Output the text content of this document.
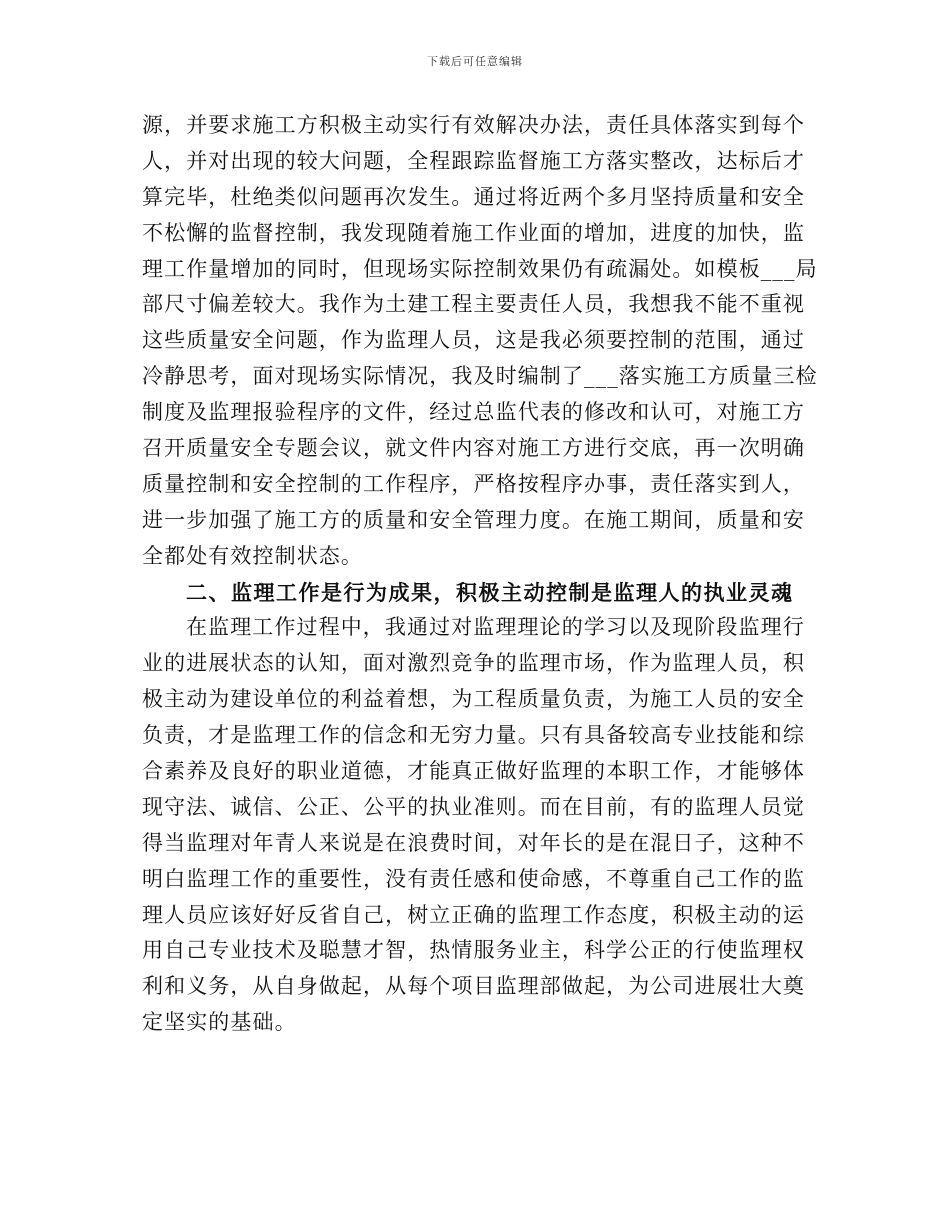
下载后可任意编辑
源，并要求施工方积极主动实行有效解决办法，责任具体落实到每个
人，并对出现的较大问题，全程跟踪监督施工方落实整改，达标后才
算完毕，杜绝类似问题再次发生。通过将近两个多月坚持质量和安全
不松懈的监督控制，我发现随着施工作业面的增加，进度的加快，监
理工作量增加的同时，但现场实际控制效果仍有疏漏处。如模板___局
部尺寸偏差较大。我作为土建工程主要责任人员，我想我不能不重视
这些质量安全问题，作为监理人员，这是我必须要控制的范围，通过
冷静思考，面对现场实际情况，我及时编制了___落实施工方质量三检
制度及监理报验程序的文件，经过总监代表的修改和认可，对施工方
召开质量安全专题会议，就文件内容对施工方进行交底，再一次明确
质量控制和安全控制的工作程序，严格按程序办事，责任落实到人，
进一步加强了施工方的质量和安全管理力度。在施工期间，质量和安
全都处有效控制状态。
二、监理工作是行为成果，积极主动控制是监理人的执业灵魂
在监理工作过程中，我通过对监理理论的学习以及现阶段监理行
业的进展状态的认知，面对激烈竞争的监理市场，作为监理人员，积
极主动为建设单位的利益着想，为工程质量负责，为施工人员的安全
负责，才是监理工作的信念和无穷力量。只有具备较高专业技能和综
合素养及良好的职业道德，才能真正做好监理的本职工作，才能够体
现守法、诚信、公正、公平的执业准则。而在目前，有的监理人员觉
得当监理对年青人来说是在浪费时间，对年长的是在混日子，这种不
明白监理工作的重要性，没有责任感和使命感，不尊重自己工作的监
理人员应该好好反省自己，树立正确的监理工作态度，积极主动的运
用自己专业技术及聪慧才智，热情服务业主，科学公正的行使监理权
利和义务，从自身做起，从每个项目监理部做起，为公司进展壮大奠
定坚实的基础。
